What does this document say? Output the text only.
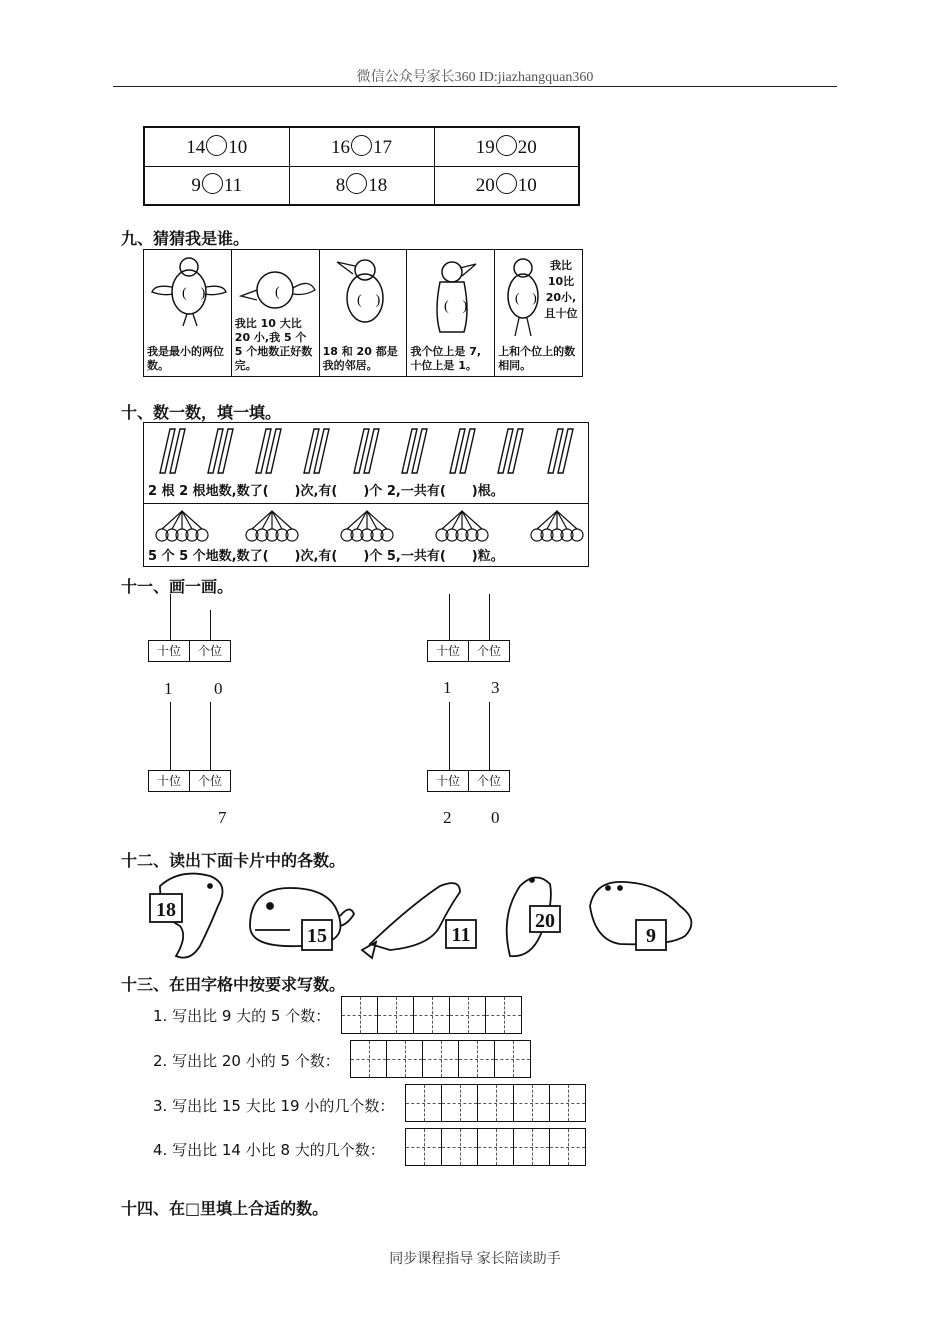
微信公众号家长360 ID:jiazhangquan360
14 10	16 17	19 20
9 11	8 18	20 10
九、猜猜我是谁。
(　)
我是最小的两位数。
(
我比 10 大比 20 小,我 5 个 5 个地数正好数完。
(　)
18 和 20 都是我的邻居。
(　)
我个位上是 7,十位上是 1。
(　)
我比10比20小,且十位
上和个位上的数相同。
十、数一数，填一填。
2 根 2 根地数,数了(　　)次,有(　　)个 2,一共有(　　)根。
5 个 5 个地数,数了(　　)次,有(　　)个 5,一共有(　　)粒。
十一、画一画。
十位	个位
1 0
十位	个位
1 3
十位	个位
7
十位	个位
2 0
十二、读出下面卡片中的各数。
18
15	11
20
9
十三、在田字格中按要求写数。
1. 写出比 9 大的 5 个数：
2. 写出比 20 小的 5 个数：
3. 写出比 15 大比 19 小的几个数：
4. 写出比 14 小比 8 大的几个数：
十四、在□里填上合适的数。
同步课程指导 家长陪读助手
